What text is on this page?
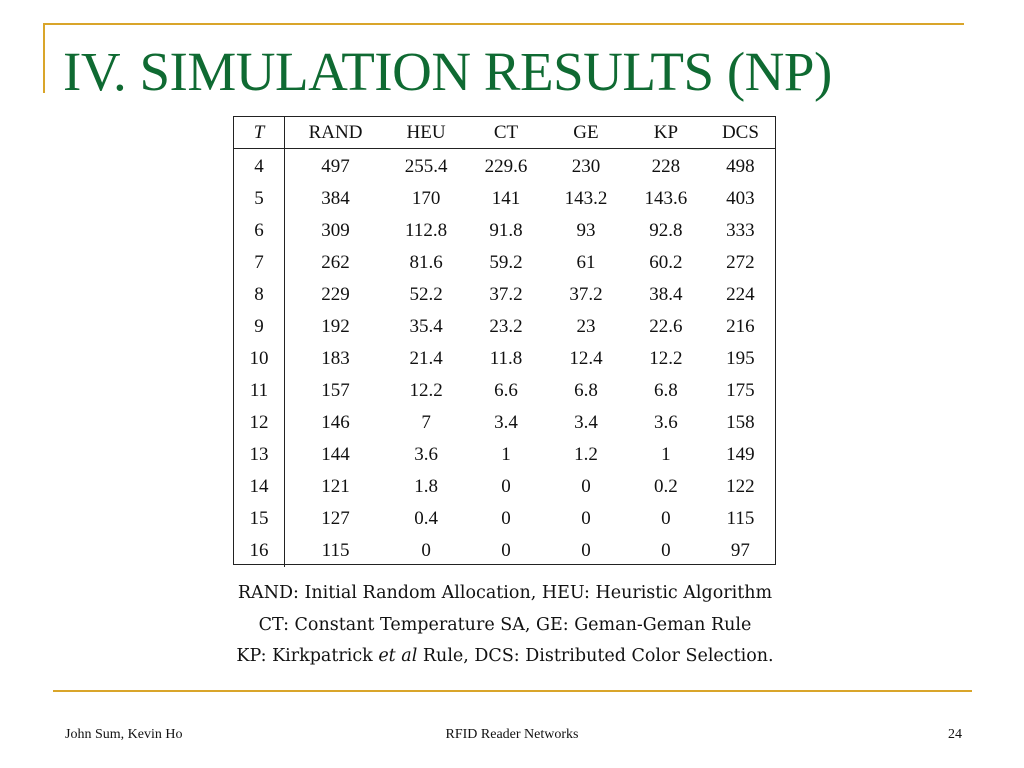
IV. SIMULATION RESULTS (NP)
T	RAND	HEU	CT	GE	KP	DCS
4	497	255.4	229.6	230	228	498
5	384	170	141	143.2	143.6	403
6	309	112.8	91.8	93	92.8	333
7	262	81.6	59.2	61	60.2	272
8	229	52.2	37.2	37.2	38.4	224
9	192	35.4	23.2	23	22.6	216
10	183	21.4	11.8	12.4	12.2	195
11	157	12.2	6.6	6.8	6.8	175
12	146	7	3.4	3.4	3.6	158
13	144	3.6	1	1.2	1	149
14	121	1.8	0	0	0.2	122
15	127	0.4	0	0	0	115
16	115	0	0	0	0	97
RAND: Initial Random Allocation, HEU: Heuristic Algorithm
CT: Constant Temperature SA, GE: Geman-Geman Rule
KP: Kirkpatrick et al Rule, DCS: Distributed Color Selection.
John Sum, Kevin Ho	RFID Reader Networks	24
